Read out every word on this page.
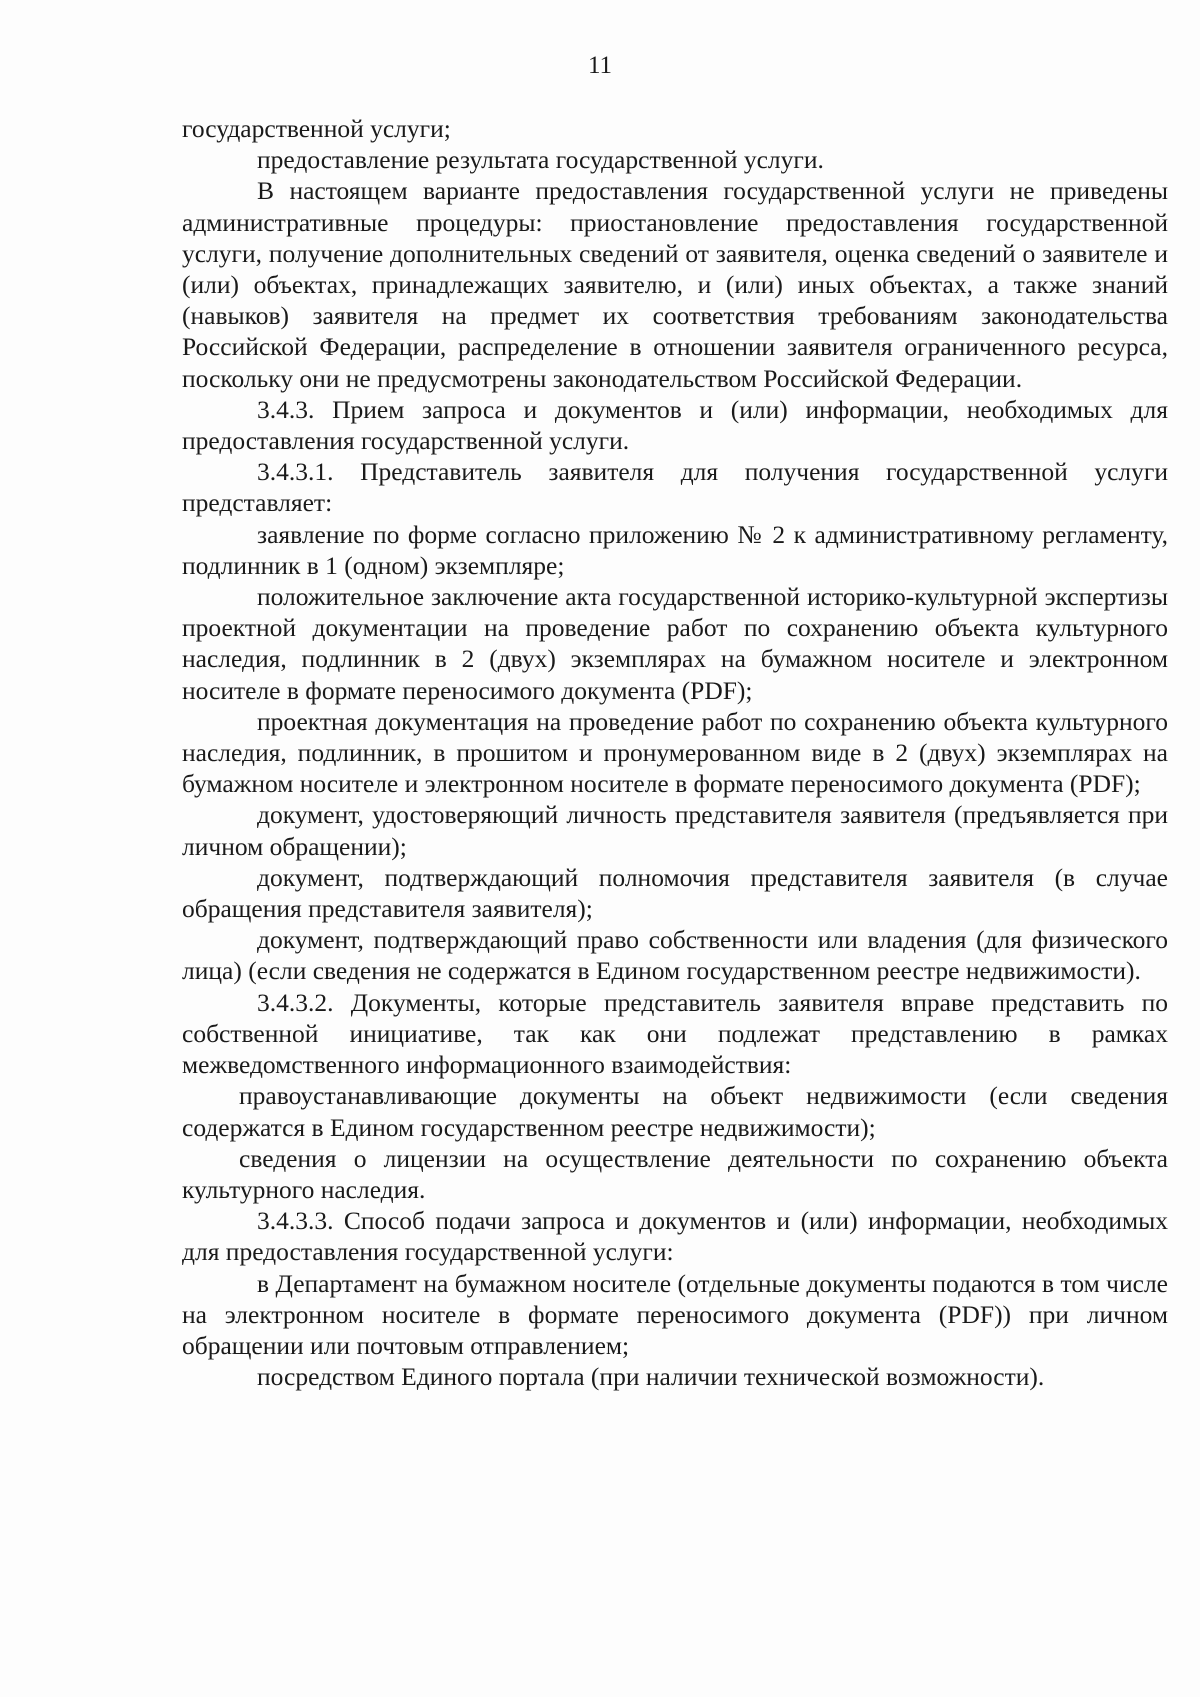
11

государственной услуги;

предоставление результата государственной услуги.

В настоящем варианте предоставления государственной услуги не приведены административные процедуры: приостановление предоставления государственной услуги, получение дополнительных сведений от заявителя, оценка сведений о заявителе и (или) объектах, принадлежащих заявителю, и (или) иных объектах, а также знаний (навыков) заявителя на предмет их соответствия требованиям законодательства Российской Федерации, распределение в отношении заявителя ограниченного ресурса, поскольку они не предусмотрены законодательством Российской Федерации.

3.4.3. Прием запроса и документов и (или) информации, необходимых для предоставления государственной услуги.

3.4.3.1. Представитель заявителя для получения государственной услуги представляет:

заявление по форме согласно приложению № 2 к административному регламенту, подлинник в 1 (одном) экземпляре;

положительное заключение акта государственной историко-культурной экспертизы проектной документации на проведение работ по сохранению объекта культурного наследия, подлинник в 2 (двух) экземплярах на бумажном носителе и электронном носителе в формате переносимого документа (PDF);

проектная документация на проведение работ по сохранению объекта культурного наследия, подлинник, в прошитом и пронумерованном виде в 2 (двух) экземплярах на бумажном носителе и электронном носителе в формате переносимого документа (PDF);

документ, удостоверяющий личность представителя заявителя (предъявляется при личном обращении);

документ, подтверждающий полномочия представителя заявителя (в случае обращения представителя заявителя);

документ, подтверждающий право собственности или владения (для физического лица) (если сведения не содержатся в Едином государственном реестре недвижимости).

3.4.3.2. Документы, которые представитель заявителя вправе представить по собственной инициативе, так как они подлежат представлению в рамках межведомственного информационного взаимодействия:

правоустанавливающие документы на объект недвижимости (если сведения содержатся в Едином государственном реестре недвижимости);

сведения о лицензии на осуществление деятельности по сохранению объекта культурного наследия.

3.4.3.3. Способ подачи запроса и документов и (или) информации, необходимых для предоставления государственной услуги:

в Департамент на бумажном носителе (отдельные документы подаются в том числе на электронном носителе в формате переносимого документа (PDF)) при личном обращении или почтовым отправлением;

посредством Единого портала (при наличии технической возможности).
